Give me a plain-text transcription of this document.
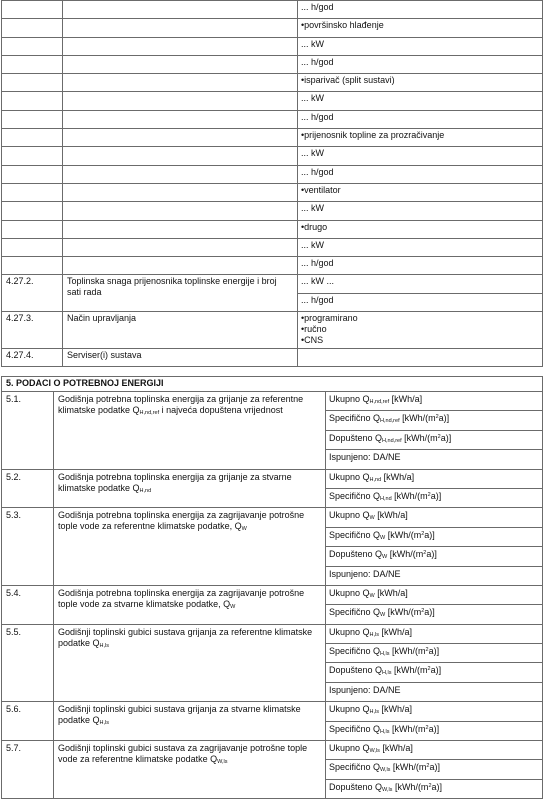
		... h/god
		•površinsko hlađenje
		... kW
		... h/god
		•isparivač (split sustavi)
		... kW
		... h/god
		•prijenosnik topline za prozračivanje
		... kW
		... h/god
		•ventilator
		... kW
		•drugo
		... kW
		... h/god
4.27.2.	Toplinska snaga prijenosnika toplinske energije i broj sati rada	... kW ...
		... h/god
4.27.3.	Način upravljanja	•programirano
•ručno
•CNS

4.27.4.	Serviser(i) sustava	
5. PODACI O POTREBNOJ ENERGIJI		
5.1.	Godišnja potrebna toplinska energija za grijanje za referentne klimatske podatke $Q_{H,nd,ref}$ i najveća dopuštena vrijednost	Ukupno $Q_{H,nd,ref}$ [kWh/a]
		Specifično $Q_{H,nd,ref}$ $[kWh/(m^2a)]$
		Dopušteno $Q_{H,nd,ref}$ $[kWh/(m^2a)]$
		Ispunjeno: DA/NE
5.2.	Godišnja potrebna toplinska energija za grijanje za stvarne klimatske podatke $Q_{H,nd}$	Ukupno $Q_{H,nd}$ [kWh/a]
		Specifično $Q_{H,nd}$ $[kWh/(m^2a)]$
5.3.	Godišnja potrebna toplinska energija za zagrijavanje potrošne tople vode za referentne klimatske podatke, $Q_W$	Ukupno $Q_W$ [kWh/a]
		Specifično $Q_W$ $[kWh/(m^2a)]$
		Dopušteno $Q_W$ $[kWh/(m^2a)]$
		Ispunjeno: DA/NE
5.4.	Godišnja potrebna toplinska energija za zagrijavanje potrošne tople vode za stvarne klimatske podatke, $Q_W$	Ukupno $Q_W$ [kWh/a]
		Specifično $Q_W$ $[kWh/(m^2a)]$
5.5.	Godišnji toplinski gubici sustava grijanja za referentne klimatske podatke $Q_{H,ls}$	Ukupno $Q_{H,ls}$ [kWh/a]
		Specifično $Q_{H,ls}$ $[kWh/(m^2a)]$
		Dopušteno $Q_{H,ls}$ $[kWh/(m^2a)]$
		Ispunjeno: DA/NE
5.6.	Godišnji toplinski gubici sustava grijanja za stvarne klimatske podatke $Q_{H,ls}$	Ukupno $Q_{H,ls}$ [kWh/a]
		Specifično $Q_{H,ls}$ $[kWh/(m^2a)]$
5.7.	Godišnji toplinski gubici sustava za zagrijavanje potrošne tople vode za referentne klimatske podatke $Q_{W,ls}$	Ukupno $Q_{W,ls}$ [kWh/a]
		Specifično $Q_{W,ls}$ $[kWh/(m^2a)]$
		Dopušteno $Q_{W,ls}$ $[kWh/(m^2a)]$
